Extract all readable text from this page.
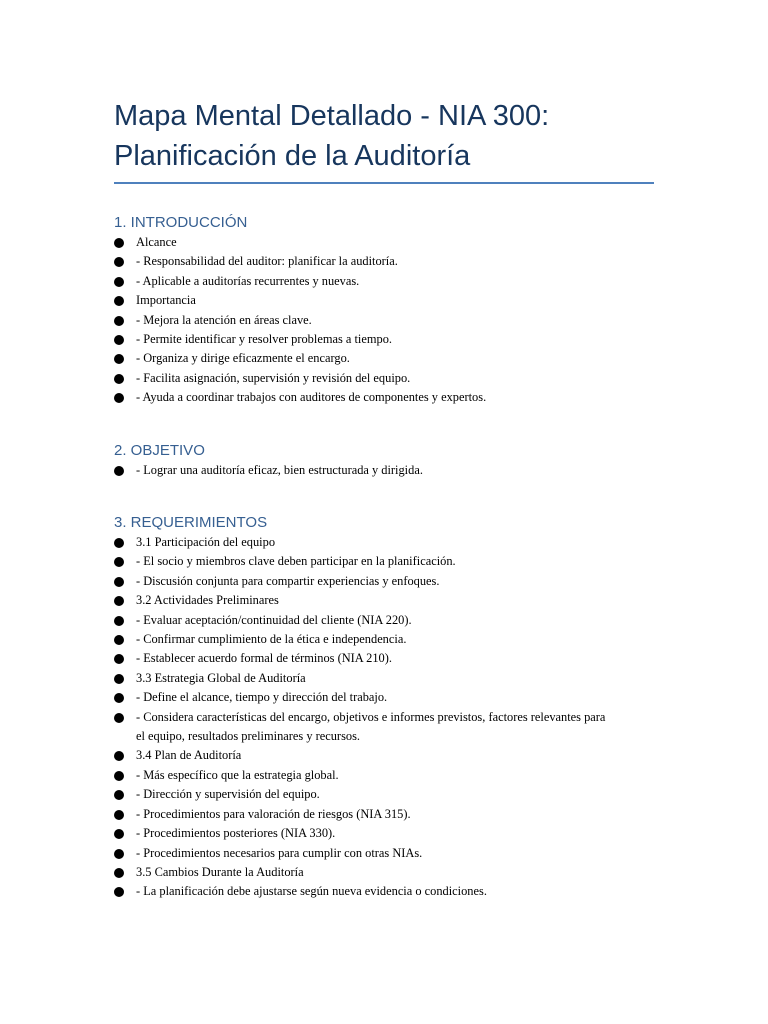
Mapa Mental Detallado - NIA 300:
Planificación de la Auditoría
1. INTRODUCCIÓN
Alcance
- Responsabilidad del auditor: planificar la auditoría.
- Aplicable a auditorías recurrentes y nuevas.
Importancia
- Mejora la atención en áreas clave.
- Permite identificar y resolver problemas a tiempo.
- Organiza y dirige eficazmente el encargo.
- Facilita asignación, supervisión y revisión del equipo.
- Ayuda a coordinar trabajos con auditores de componentes y expertos.
2. OBJETIVO
- Lograr una auditoría eficaz, bien estructurada y dirigida.
3. REQUERIMIENTOS
3.1 Participación del equipo
- El socio y miembros clave deben participar en la planificación.
- Discusión conjunta para compartir experiencias y enfoques.
3.2 Actividades Preliminares
- Evaluar aceptación/continuidad del cliente (NIA 220).
- Confirmar cumplimiento de la ética e independencia.
- Establecer acuerdo formal de términos (NIA 210).
3.3 Estrategia Global de Auditoría
- Define el alcance, tiempo y dirección del trabajo.
- Considera características del encargo, objetivos e informes previstos, factores relevantes para el equipo, resultados preliminares y recursos.
3.4 Plan de Auditoría
- Más específico que la estrategia global.
- Dirección y supervisión del equipo.
- Procedimientos para valoración de riesgos (NIA 315).
- Procedimientos posteriores (NIA 330).
- Procedimientos necesarios para cumplir con otras NIAs.
3.5 Cambios Durante la Auditoría
- La planificación debe ajustarse según nueva evidencia o condiciones.
